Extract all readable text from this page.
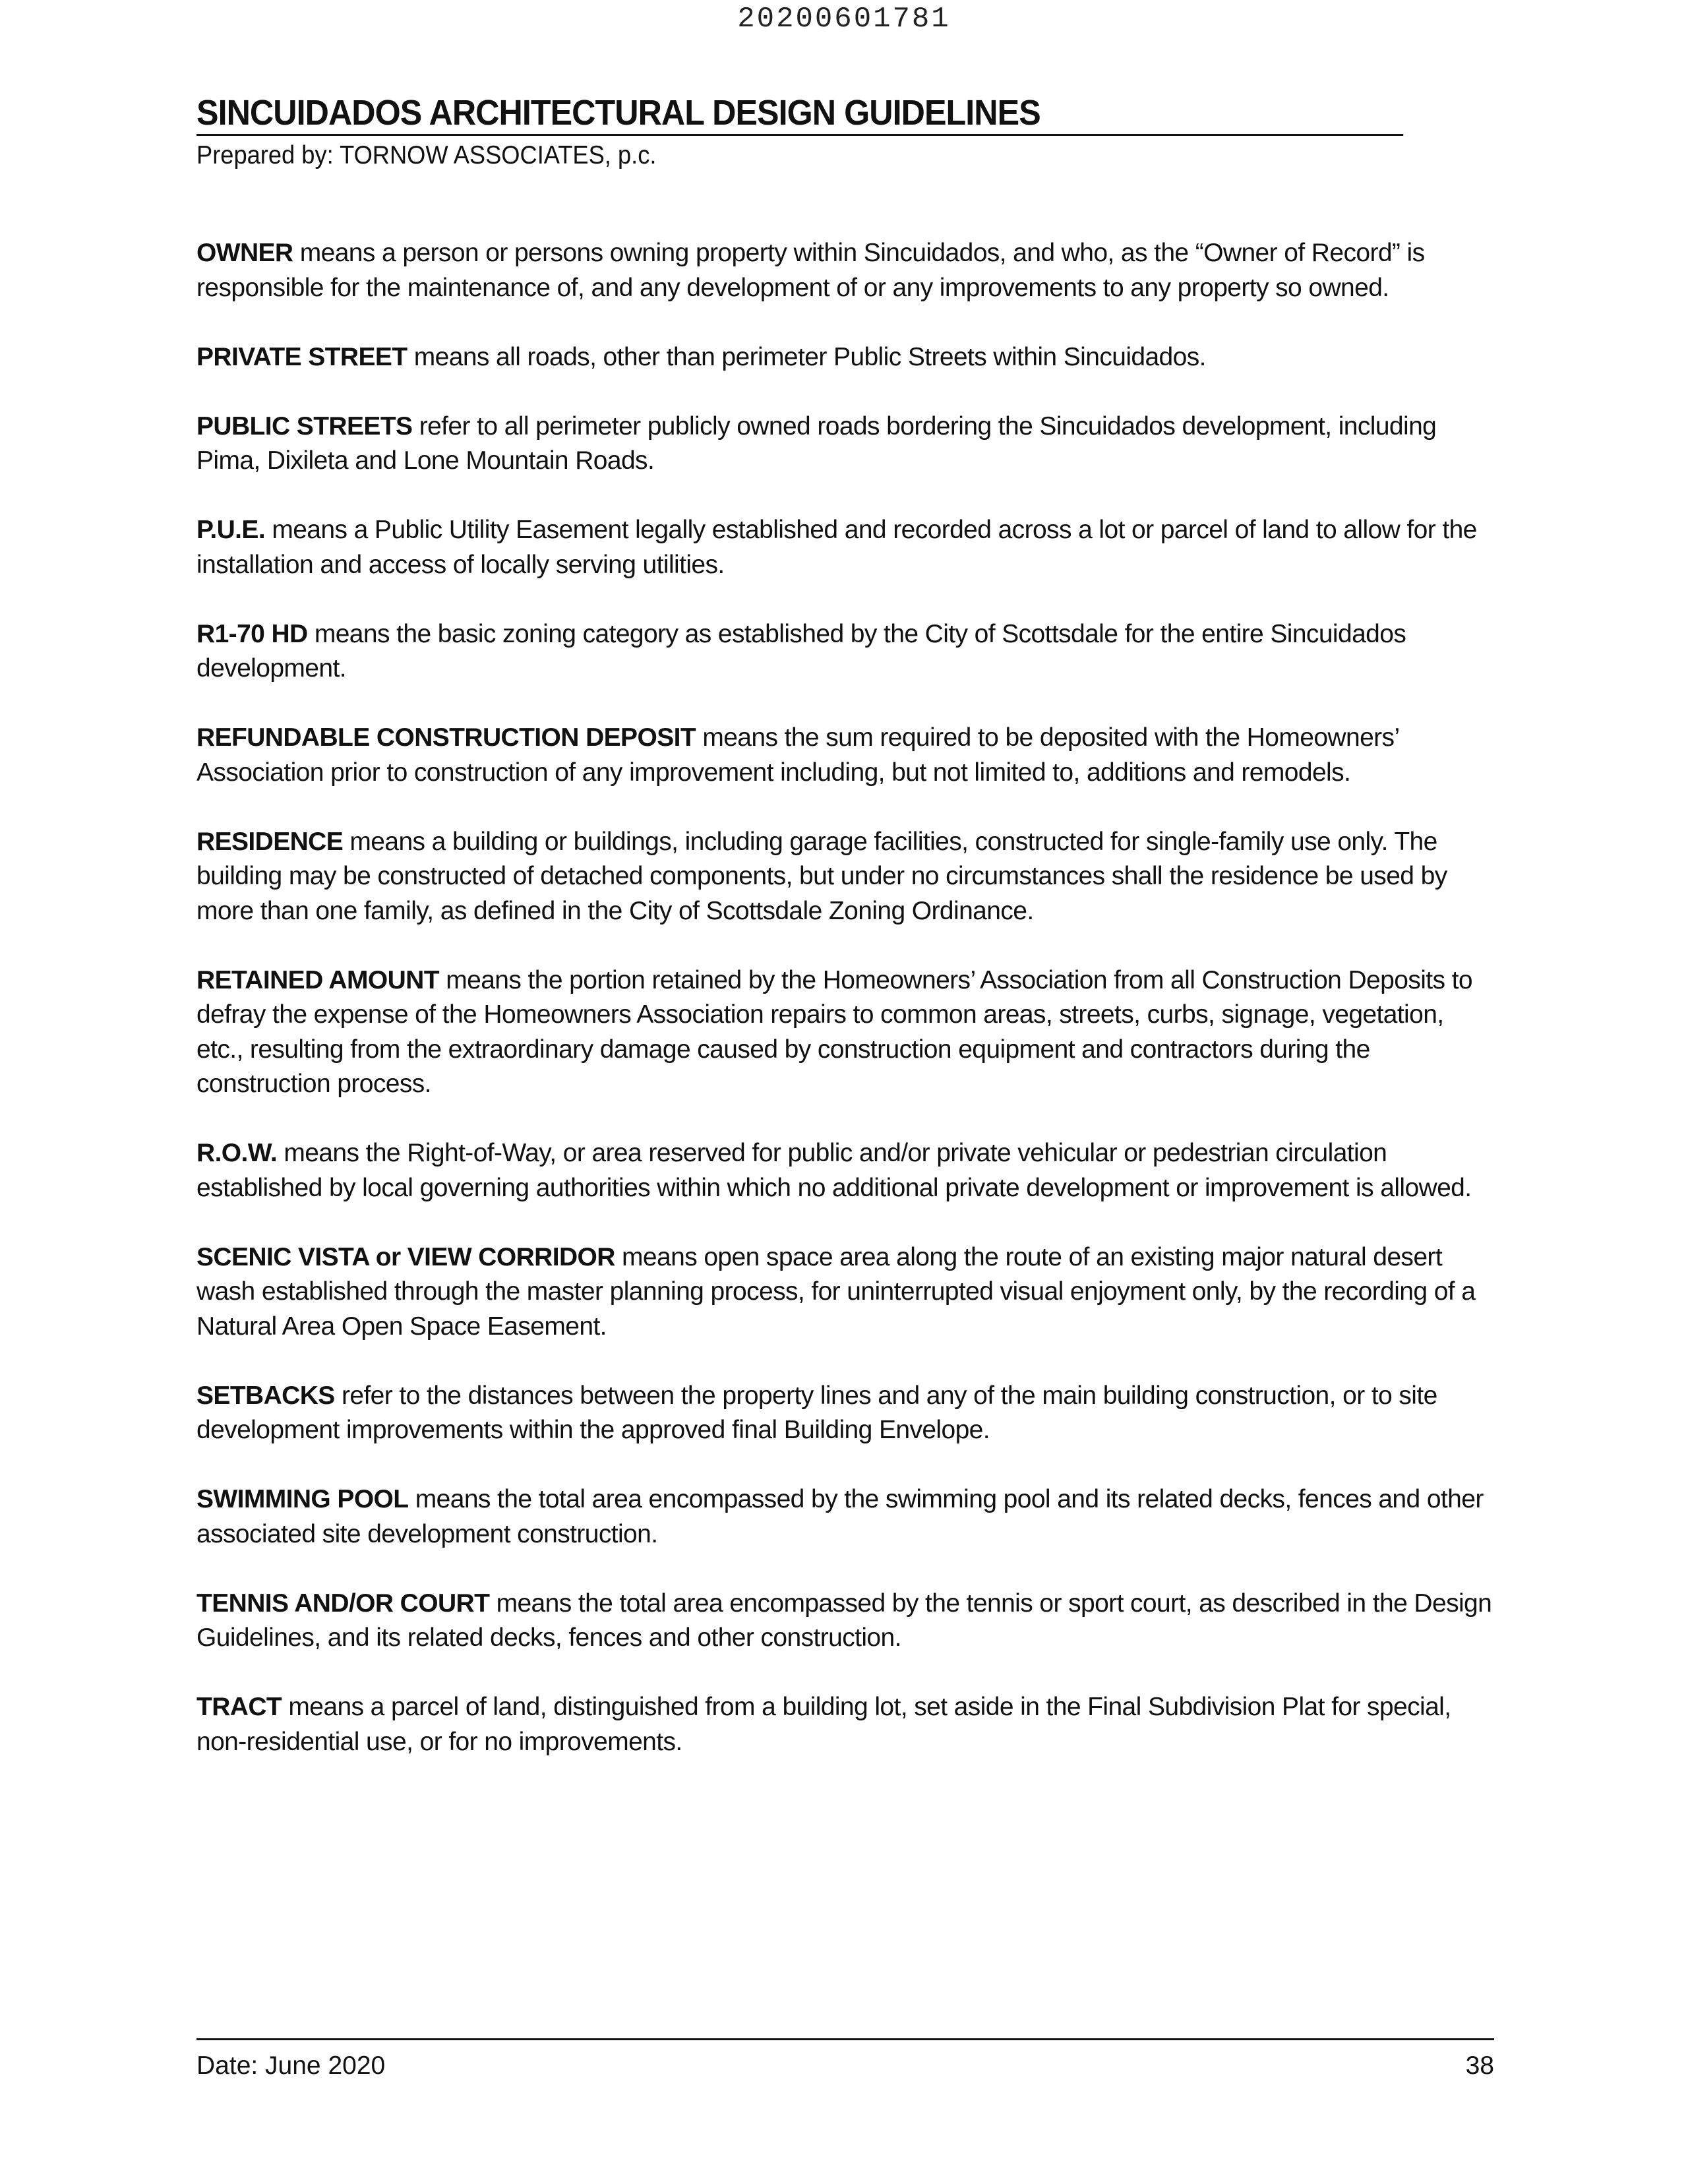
20200601781
SINCUIDADOS ARCHITECTURAL DESIGN GUIDELINES
Prepared by: TORNOW ASSOCIATES, p.c.

OWNER means a person or persons owning property within Sincuidados, and who, as the “Owner of Record” is responsible for the maintenance of, and any development of or any improvements to any property so owned.

PRIVATE STREET means all roads, other than perimeter Public Streets within Sincuidados.

PUBLIC STREETS refer to all perimeter publicly owned roads bordering the Sincuidados development, including Pima, Dixileta and Lone Mountain Roads.

P.U.E. means a Public Utility Easement legally established and recorded across a lot or parcel of land to allow for the installation and access of locally serving utilities.

R1-70 HD means the basic zoning category as established by the City of Scottsdale for the entire Sincuidados development.

REFUNDABLE CONSTRUCTION DEPOSIT means the sum required to be deposited with the Homeowners’ Association prior to construction of any improvement including, but not limited to, additions and remodels.

RESIDENCE means a building or buildings, including garage facilities, constructed for single-family use only. The building may be constructed of detached components, but under no circumstances shall the residence be used by more than one family, as defined in the City of Scottsdale Zoning Ordinance.

RETAINED AMOUNT means the portion retained by the Homeowners’ Association from all Construction Deposits to defray the expense of the Homeowners Association repairs to common areas, streets, curbs, signage, vegetation, etc., resulting from the extraordinary damage caused by construction equipment and contractors during the construction process.

R.O.W. means the Right-of-Way, or area reserved for public and/or private vehicular or pedestrian circulation established by local governing authorities within which no additional private development or improvement is allowed.

SCENIC VISTA or VIEW CORRIDOR means open space area along the route of an existing major natural desert wash established through the master planning process, for uninterrupted visual enjoyment only, by the recording of a Natural Area Open Space Easement.

SETBACKS refer to the distances between the property lines and any of the main building construction, or to site development improvements within the approved final Building Envelope.

SWIMMING POOL means the total area encompassed by the swimming pool and its related decks, fences and other associated site development construction.

TENNIS AND/OR COURT means the total area encompassed by the tennis or sport court, as described in the Design Guidelines, and its related decks, fences and other construction.

TRACT means a parcel of land, distinguished from a building lot, set aside in the Final Subdivision Plat for special, non-residential use, or for no improvements.

Date: June 2020	38
